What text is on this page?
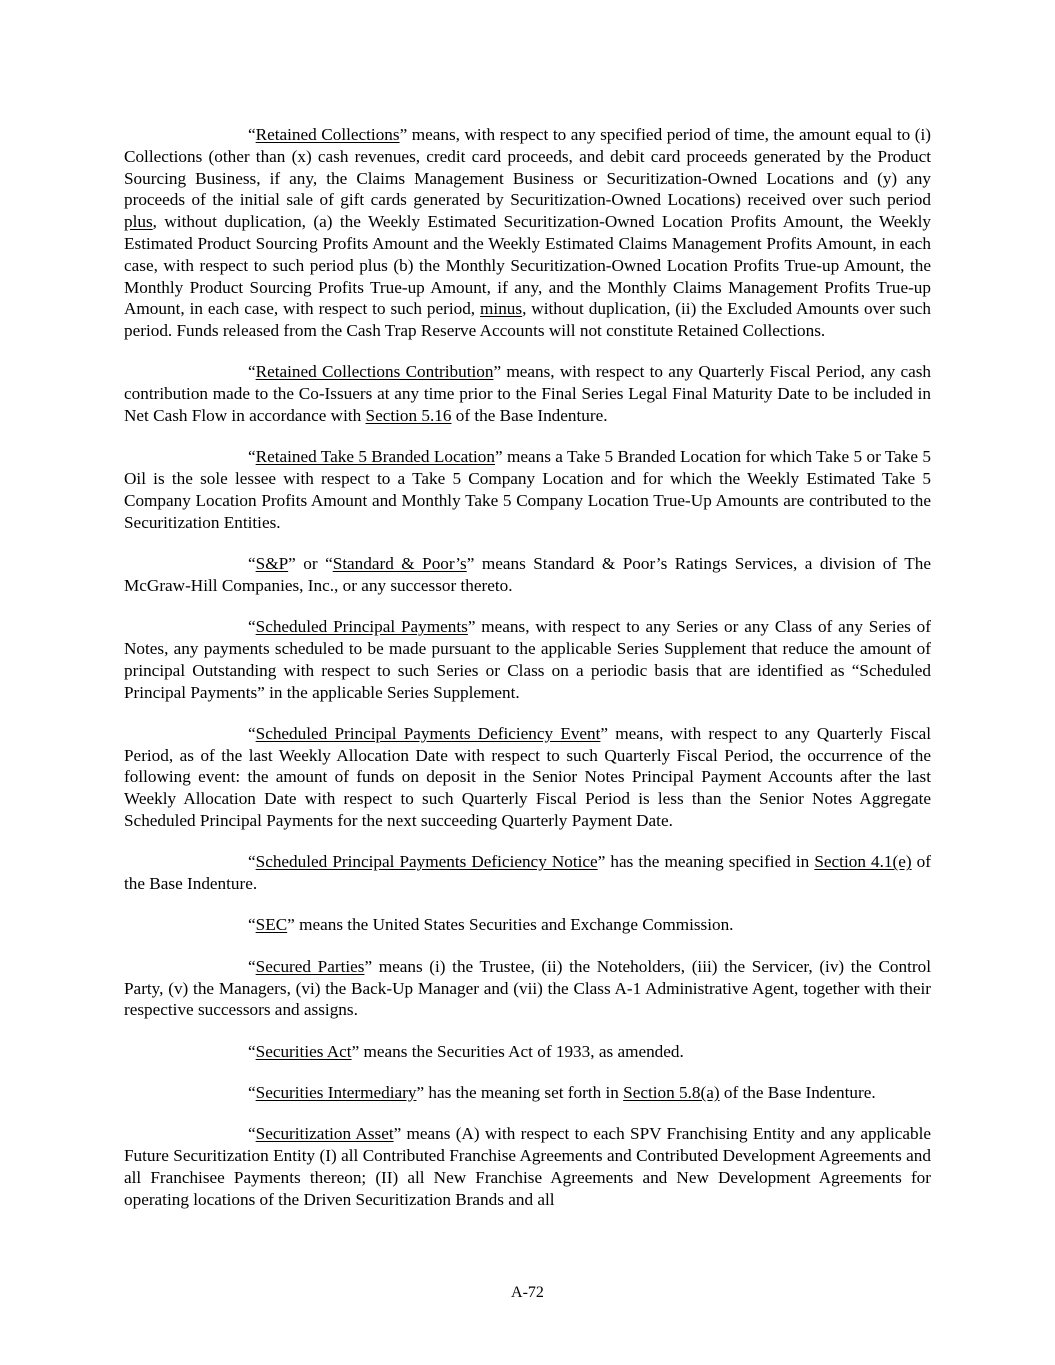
“Retained Collections” means, with respect to any specified period of time, the amount equal to (i) Collections (other than (x) cash revenues, credit card proceeds, and debit card proceeds generated by the Product Sourcing Business, if any, the Claims Management Business or Securitization-Owned Locations and (y) any proceeds of the initial sale of gift cards generated by Securitization-Owned Locations) received over such period plus, without duplication, (a) the Weekly Estimated Securitization-Owned Location Profits Amount, the Weekly Estimated Product Sourcing Profits Amount and the Weekly Estimated Claims Management Profits Amount, in each case, with respect to such period plus (b) the Monthly Securitization-Owned Location Profits True-up Amount, the Monthly Product Sourcing Profits True-up Amount, if any, and the Monthly Claims Management Profits True-up Amount, in each case, with respect to such period, minus, without duplication, (ii) the Excluded Amounts over such period. Funds released from the Cash Trap Reserve Accounts will not constitute Retained Collections.

“Retained Collections Contribution” means, with respect to any Quarterly Fiscal Period, any cash contribution made to the Co-Issuers at any time prior to the Final Series Legal Final Maturity Date to be included in Net Cash Flow in accordance with Section 5.16 of the Base Indenture.

“Retained Take 5 Branded Location” means a Take 5 Branded Location for which Take 5 or Take 5 Oil is the sole lessee with respect to a Take 5 Company Location and for which the Weekly Estimated Take 5 Company Location Profits Amount and Monthly Take 5 Company Location True-Up Amounts are contributed to the Securitization Entities.

“S&P” or “Standard & Poor’s” means Standard & Poor’s Ratings Services, a division of The McGraw-Hill Companies, Inc., or any successor thereto.

“Scheduled Principal Payments” means, with respect to any Series or any Class of any Series of Notes, any payments scheduled to be made pursuant to the applicable Series Supplement that reduce the amount of principal Outstanding with respect to such Series or Class on a periodic basis that are identified as “Scheduled Principal Payments” in the applicable Series Supplement.

“Scheduled Principal Payments Deficiency Event” means, with respect to any Quarterly Fiscal Period, as of the last Weekly Allocation Date with respect to such Quarterly Fiscal Period, the occurrence of the following event: the amount of funds on deposit in the Senior Notes Principal Payment Accounts after the last Weekly Allocation Date with respect to such Quarterly Fiscal Period is less than the Senior Notes Aggregate Scheduled Principal Payments for the next succeeding Quarterly Payment Date.

“Scheduled Principal Payments Deficiency Notice” has the meaning specified in Section 4.1(e) of the Base Indenture.

“SEC” means the United States Securities and Exchange Commission.

“Secured Parties” means (i) the Trustee, (ii) the Noteholders, (iii) the Servicer, (iv) the Control Party, (v) the Managers, (vi) the Back-Up Manager and (vii) the Class A-1 Administrative Agent, together with their respective successors and assigns.

“Securities Act” means the Securities Act of 1933, as amended.

“Securities Intermediary” has the meaning set forth in Section 5.8(a) of the Base Indenture.

“Securitization Asset” means (A) with respect to each SPV Franchising Entity and any applicable Future Securitization Entity (I) all Contributed Franchise Agreements and Contributed Development Agreements and all Franchisee Payments thereon; (II) all New Franchise Agreements and New Development Agreements for operating locations of the Driven Securitization Brands and all

A-72
